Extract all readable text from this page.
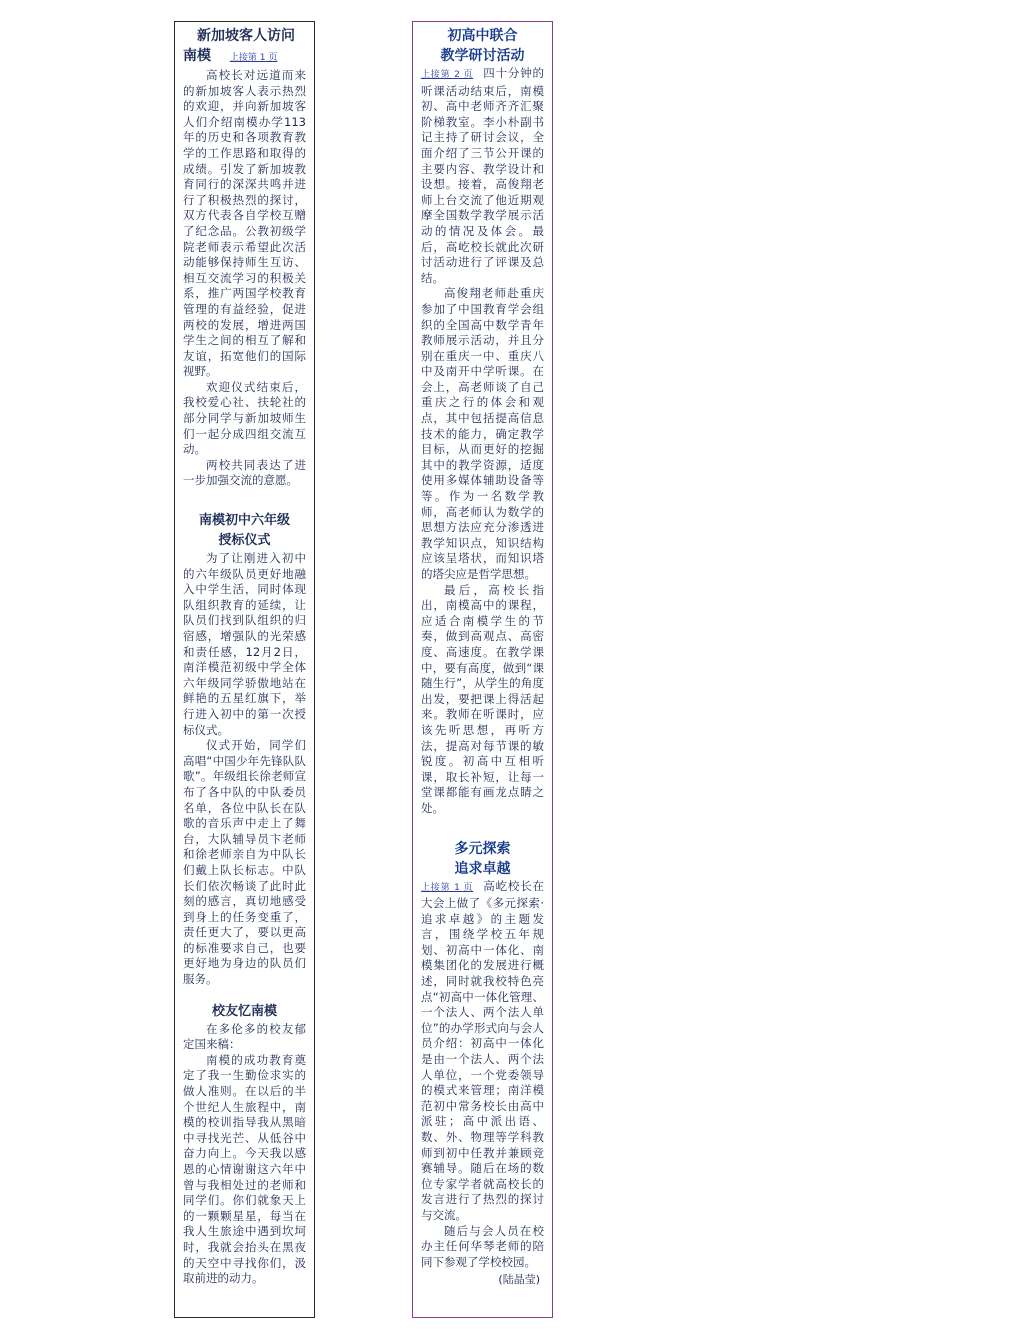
新加坡客人访问
南模 上接第 1 页

高校长对远道而来的新加坡客人表示热烈的欢迎，并向新加坡客人们介绍南模办学113年的历史和各项教育教学的工作思路和取得的成绩。引发了新加坡教育同行的深深共鸣并进行了积极热烈的探讨，双方代表各自学校互赠了纪念品。公教初级学院老师表示希望此次活动能够保持师生互访、相互交流学习的积极关系，推广两国学校教育管理的有益经验，促进两校的发展，增进两国学生之间的相互了解和友谊，拓宽他们的国际视野。

欢迎仪式结束后，我校爱心社、扶轮社的部分同学与新加坡师生们一起分成四组交流互动。

两校共同表达了进一步加强交流的意愿。

南模初中六年级
授标仪式

为了让刚进入初中的六年级队员更好地融入中学生活，同时体现队组织教育的延续，让队员们找到队组织的归宿感，增强队的光荣感和责任感，12月2日，南洋模范初级中学全体六年级同学骄傲地站在鲜艳的五星红旗下，举行进入初中的第一次授标仪式。

仪式开始，同学们高唱“中国少年先锋队队歌”。年级组长徐老师宣布了各中队的中队委员名单，各位中队长在队歌的音乐声中走上了舞台，大队辅导员卞老师和徐老师亲自为中队长们戴上队长标志。中队长们依次畅谈了此时此刻的感言，真切地感受到身上的任务变重了，责任更大了，要以更高的标准要求自己，也要更好地为身边的队员们服务。

校友忆南模

在多伦多的校友郁定国来稿：

南模的成功教育奠定了我一生勤俭求实的做人准则。在以后的半个世纪人生旅程中，南模的校训指导我从黑暗中寻找光芒、从低谷中奋力向上。今天我以感恩的心情谢谢这六年中曾与我相处过的老师和同学们。你们就象天上的一颗颗星星，每当在我人生旅途中遇到坎坷时，我就会抬头在黑夜的天空中寻找你们，汲取前进的动力。

初高中联合
教学研讨活动

上接第 2 页 四十分钟的听课活动结束后，南模初、高中老师齐齐汇聚阶梯教室。李小朴副书记主持了研讨会议，全面介绍了三节公开课的主要内容、教学设计和设想。接着，高俊翔老师上台交流了他近期观摩全国数学教学展示活动的情况及体会。最后，高屹校长就此次研讨活动进行了评课及总结。

高俊翔老师赴重庆参加了中国教育学会组织的全国高中数学青年教师展示活动，并且分别在重庆一中、重庆八中及南开中学听课。在会上，高老师谈了自己重庆之行的体会和观点，其中包括提高信息技术的能力，确定教学目标，从而更好的挖掘其中的教学资源，适度使用多媒体辅助设备等等。作为一名数学教师，高老师认为数学的思想方法应充分渗透进教学知识点，知识结构应该呈塔状，而知识塔的塔尖应是哲学思想。

最后，高校长指出，南模高中的课程，应适合南模学生的节奏，做到高观点、高密度、高速度。在教学课中，要有高度，做到“课随生行”，从学生的角度出发，要把课上得活起来。教师在听课时，应该先听思想，再听方法，提高对每节课的敏锐度。初高中互相听课，取长补短，让每一堂课都能有画龙点睛之处。

多元探索
追求卓越

上接第 1 页 高屹校长在大会上做了《多元探索·追求卓越》的主题发言，围绕学校五年规划、初高中一体化、南模集团化的发展进行概述，同时就我校特色亮点“初高中一体化管理、一个法人、两个法人单位”的办学形式向与会人员介绍：初高中一体化是由一个法人、两个法人单位，一个党委领导的模式来管理；南洋模范初中常务校长由高中派驻；高中派出语、数、外、物理等学科教师到初中任教并兼顾竞赛辅导。随后在场的数位专家学者就高校长的发言进行了热烈的探讨与交流。

随后与会人员在校办主任何华琴老师的陪同下参观了学校校园。

(陆晶莹)
